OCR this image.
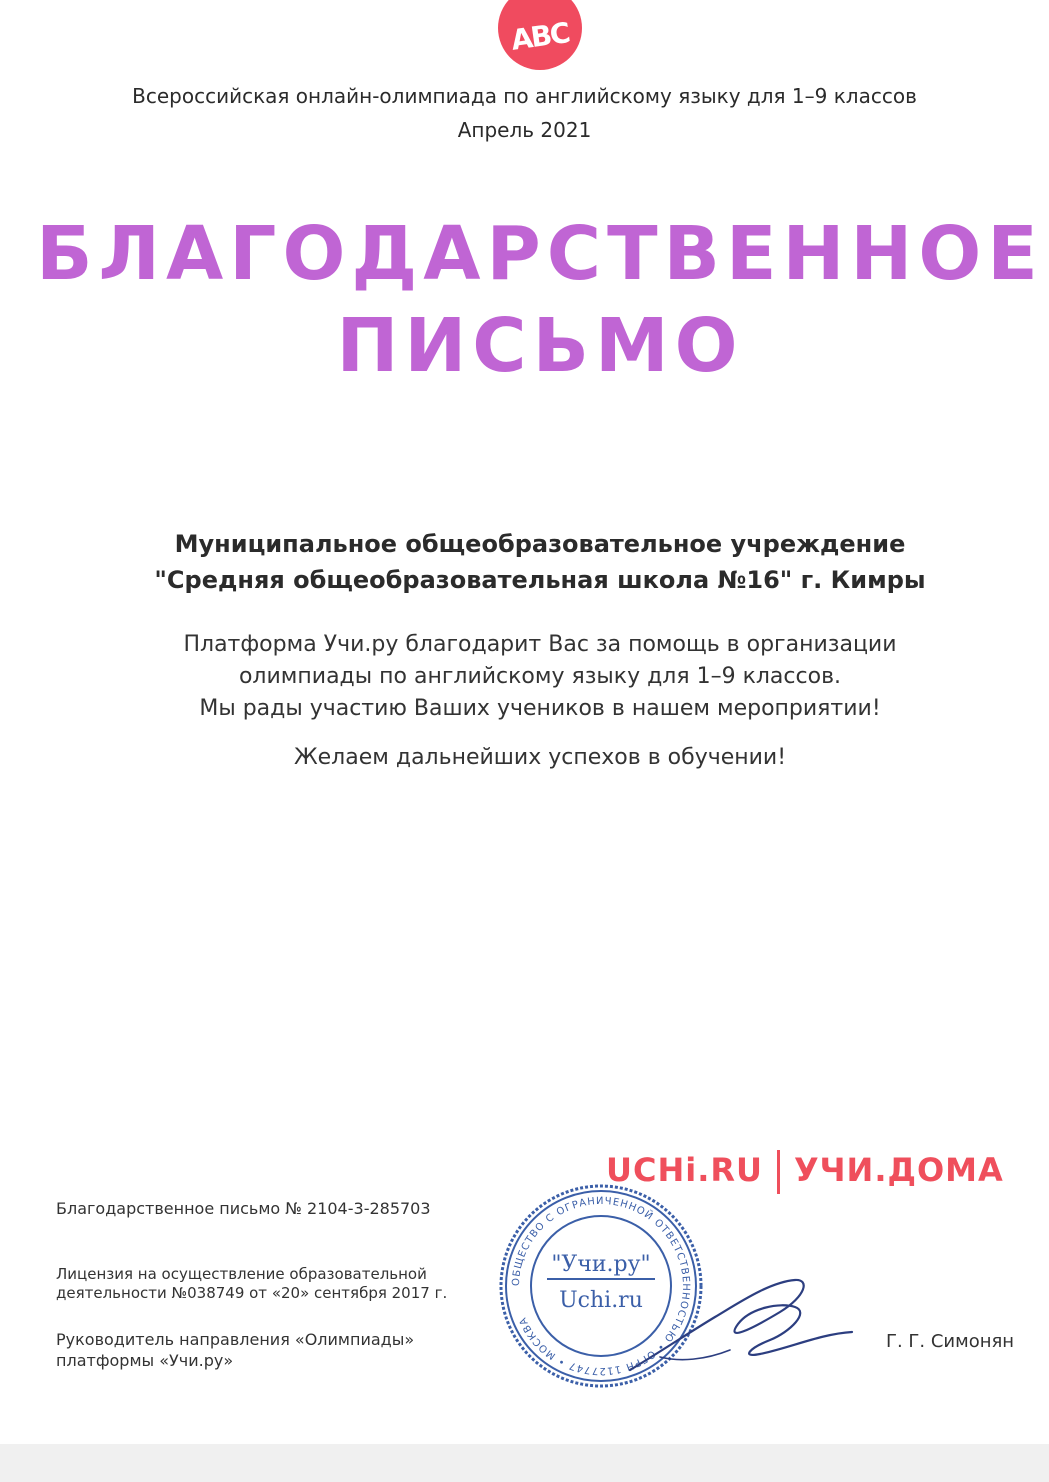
ABC
Всероссийская онлайн-олимпиада по английскому языку для 1–9 классов
Апрель 2021
БЛАГОДАРСТВЕННОЕ
ПИСЬМО
Муниципальное общеобразовательное учреждение
"Средняя общеобразовательная школа №16" г. Кимры
Платформа Учи.ру благодарит Вас за помощь в организации
олимпиады по английскому языку для 1–9 классов.
Мы рады участию Ваших учеников в нашем мероприятии!
Желаем дальнейших успехов в обучении!
UCHi.RU УЧИ.ДОМА
Благодарственное письмо № 2104-3-285703
Лицензия на осуществление образовательной
деятельности №038749 от «20» сентября 2017 г.
Руководитель направления «Олимпиады»
платформы «Учи.ру»
ОБЩЕСТВО С ОГРАНИЧЕННОЙ ОТВЕТСТВЕННОСТЬЮ • ОГРН 1127747 • МОСКВА
"Учи.ру"
Uchi.ru
Г. Г. Симонян
